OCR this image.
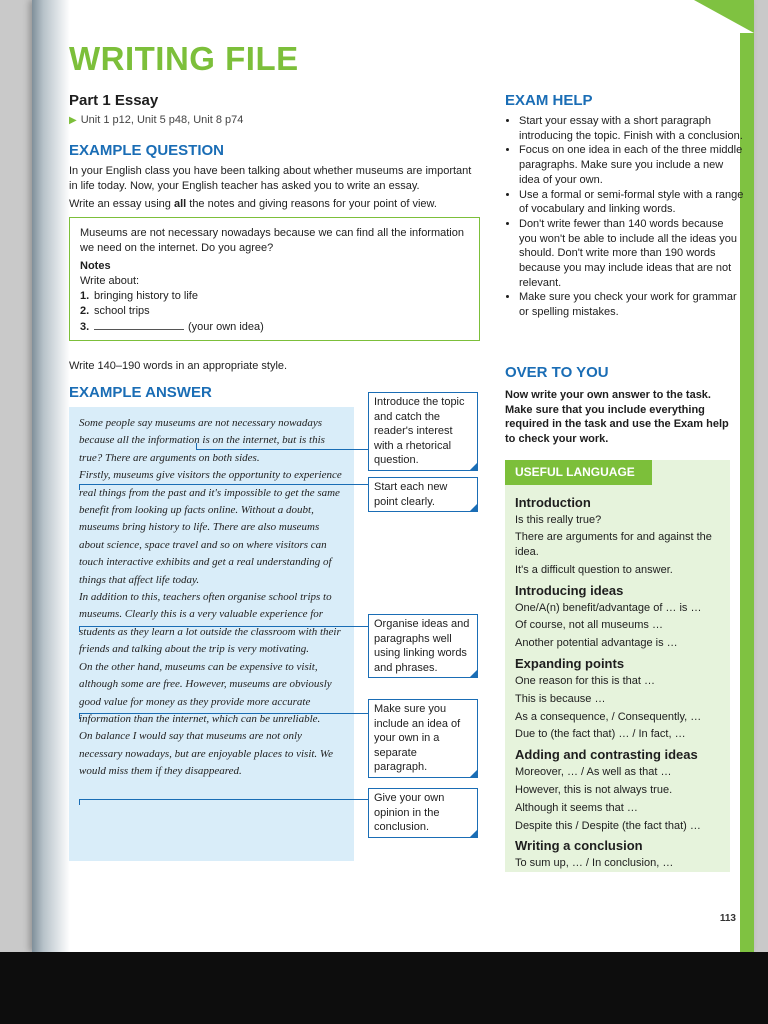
WRITING FILE
Part 1 Essay
▶ Unit 1 p12, Unit 5 p48, Unit 8 p74
EXAMPLE QUESTION
In your English class you have been talking about whether museums are important in life today. Now, your English teacher has asked you to write an essay.
Write an essay using all the notes and giving reasons for your point of view.
Museums are not necessary nowadays because we can find all the information we need on the internet. Do you agree?
Notes
Write about:
1. bringing history to life
2. school trips
3.	(your own idea)
Write 140–190 words in an appropriate style.
EXAMPLE ANSWER

Some people say museums are not necessary nowadays because all the information is on the internet, but is this true? There are arguments on both sides.

Firstly, museums give visitors the opportunity to experience real things from the past and it's impossible to get the same benefit from looking up facts online. Without a doubt, museums bring history to life. There are also museums about science, space travel and so on where visitors can touch interactive exhibits and get a real understanding of things that affect life today.

In addition to this, teachers often organise school trips to museums. Clearly this is a very valuable experience for students as they learn a lot outside the classroom with their friends and talking about the trip is very motivating.

On the other hand, museums can be expensive to visit, although some are free. However, museums are obviously good value for money as they provide more accurate information than the internet, which can be unreliable.

On balance I would say that museums are not only necessary nowadays, but are enjoyable places to visit. We would miss them if they disappeared.

Introduce the topic and catch the reader's interest with a rhetorical question.
Start each new point clearly.
Organise ideas and paragraphs well using linking words and phrases.
Make sure you include an idea of your own in a separate paragraph.
Give your own opinion in the conclusion.
EXAM HELP
• Start your essay with a short paragraph introducing the topic. Finish with a conclusion.
• Focus on one idea in each of the three middle paragraphs. Make sure you include a new idea of your own.
• Use a formal or semi-formal style with a range of vocabulary and linking words.
• Don't write fewer than 140 words because you won't be able to include all the ideas you should. Don't write more than 190 words because you may include ideas that are not relevant.
• Make sure you check your work for grammar or spelling mistakes.
OVER TO YOU
Now write your own answer to the task. Make sure that you include everything required in the task and use the Exam help to check your work.
USEFUL LANGUAGE
Introduction
Is this really true?
There are arguments for and against the idea.
It's a difficult question to answer.
Introducing ideas
One/A(n) benefit/advantage of … is …
Of course, not all museums …
Another potential advantage is …
Expanding points
One reason for this is that …
This is because …
As a consequence, / Consequently, …
Due to (the fact that) … / In fact, …
Adding and contrasting ideas
Moreover, … / As well as that …
However, this is not always true.
Although it seems that …
Despite this / Despite (the fact that) …
Writing a conclusion
To sum up, … / In conclusion, …
113
